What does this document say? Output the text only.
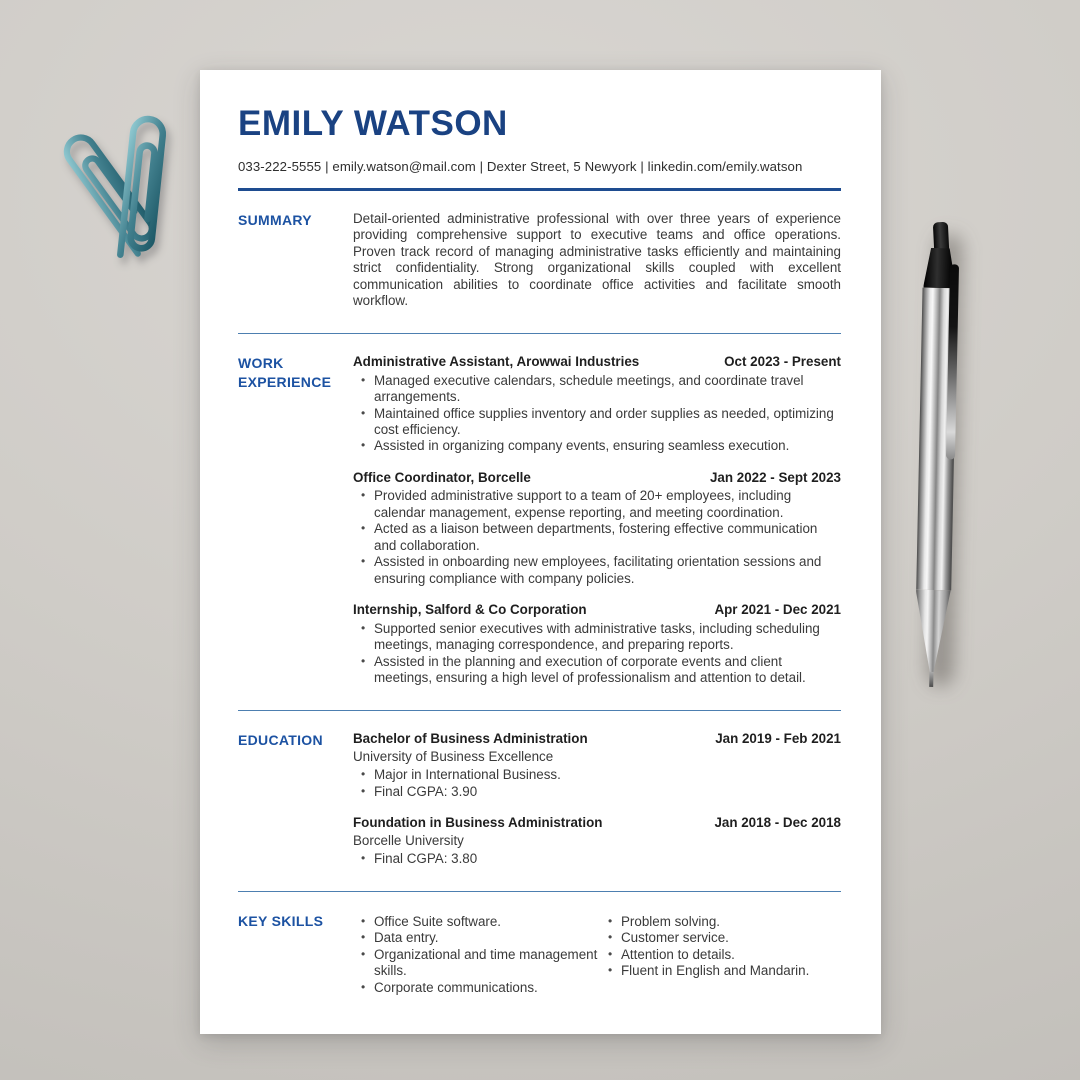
EMILY WATSON
033-222-5555 | emily.watson@mail.com | Dexter Street, 5 Newyork | linkedin.com/emily.watson
SUMMARY	Detail-oriented administrative professional with over three years of experience providing comprehensive support to executive teams and office operations. Proven track record of managing administrative tasks efficiently and maintaining strict confidentiality. Strong organizational skills coupled with excellent communication abilities to coordinate office activities and facilitate smooth workflow.

WORK EXPERIENCE
Administrative Assistant, Arowwai Industries	Oct 2023 - Present
• Managed executive calendars, schedule meetings, and coordinate travel arrangements.
• Maintained office supplies inventory and order supplies as needed, optimizing cost efficiency.
• Assisted in organizing company events, ensuring seamless execution.
Office Coordinator, Borcelle	Jan 2022 - Sept 2023
• Provided administrative support to a team of 20+ employees, including calendar management, expense reporting, and meeting coordination.
• Acted as a liaison between departments, fostering effective communication and collaboration.
• Assisted in onboarding new employees, facilitating orientation sessions and ensuring compliance with company policies.
Internship, Salford & Co Corporation	Apr 2021 - Dec 2021
• Supported senior executives with administrative tasks, including scheduling meetings, managing correspondence, and preparing reports.
• Assisted in the planning and execution of corporate events and client meetings, ensuring a high level of professionalism and attention to detail.
EDUCATION	Bachelor of Business Administration	Jan 2019 - Feb 2021
University of Business Excellence
• Major in International Business.
• Final CGPA: 3.90
Foundation in Business Administration	Jan 2018 - Dec 2018
Borcelle University
• Final CGPA: 3.80
KEY SKILLS	• Office Suite software.
• Data entry.
• Organizational and time management skills.
• Corporate communications.
• Problem solving.
• Customer service.
• Attention to details.
• Fluent in English and Mandarin.
